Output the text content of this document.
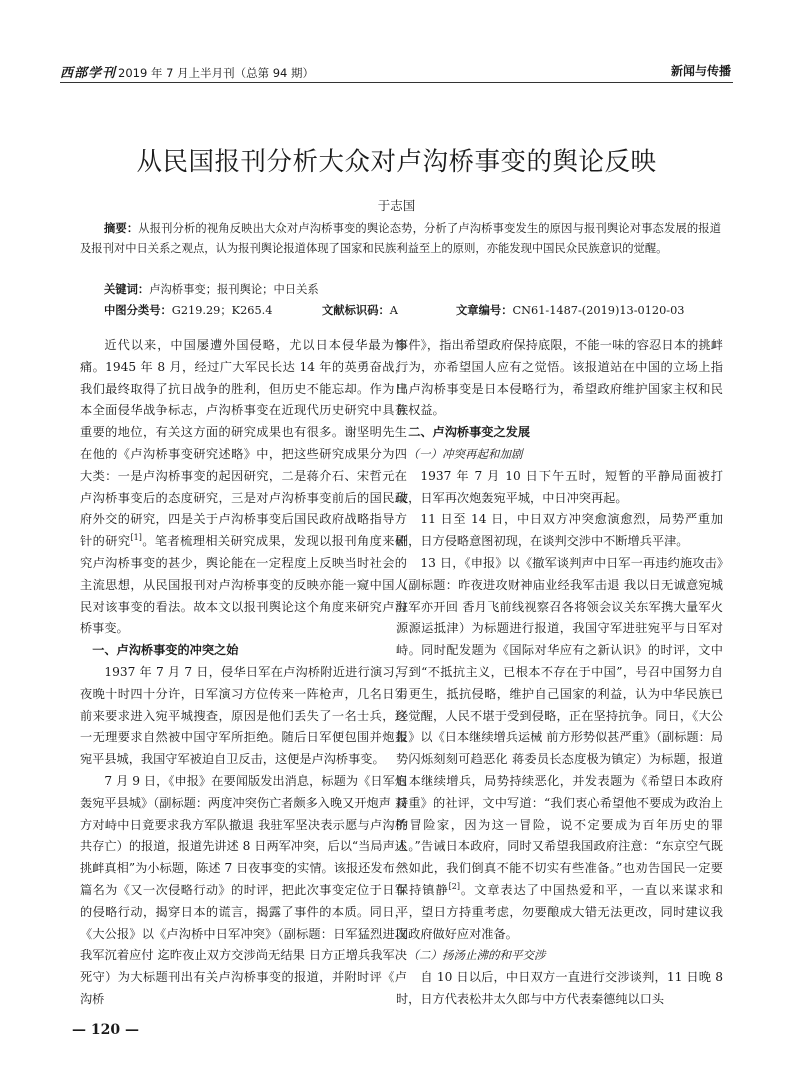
西部学刊 2019 年 7 月上半月刊（总第 94 期）	新闻与传播
从民国报刊分析大众对卢沟桥事变的舆论反映
于志国
摘要：从报刊分析的视角反映出大众对卢沟桥事变的舆论态势，分析了卢沟桥事变发生的原因与报刊舆论对事态发展的报道及报刊对中日关系之观点，认为报刊舆论报道体现了国家和民族利益至上的原则，亦能发现中国民众民族意识的觉醒。
关键词：卢沟桥事变；报刊舆论；中日关系
中图分类号：G219.29；K265.4	文献标识码：A	文章编号：CN61-1487-(2019)13-0120-03

近代以来，中国屡遭外国侵略，尤以日本侵华最为惨痛。1945 年 8 月，经过广大军民长达 14 年的英勇奋战，我们最终取得了抗日战争的胜利，但历史不能忘却。作为日本全面侵华战争标志，卢沟桥事变在近现代历史研究中具有重要的地位，有关这方面的研究成果也有很多。谢坚明先生在他的《卢沟桥事变研究述略》中，把这些研究成果分为四大类：一是卢沟桥事变的起因研究，二是蒋介石、宋哲元在卢沟桥事变后的态度研究，三是对卢沟桥事变前后的国民政府外交的研究，四是关于卢沟桥事变后国民政府战略指导方针的研究[1]。笔者梳理相关研究成果，发现以报刊角度来研究卢沟桥事变的甚少，舆论能在一定程度上反映当时社会的主流思想，从民国报刊对卢沟桥事变的反映亦能一窥中国人民对该事变的看法。故本文以报刊舆论这个角度来研究卢沟桥事变。

一、卢沟桥事变的冲突之始

1937 年 7 月 7 日，侵华日军在卢沟桥附近进行演习，夜晚十时四十分许，日军演习方位传来一阵枪声，几名日军前来要求进入宛平城搜查，原因是他们丢失了一名士兵，这一无理要求自然被中国守军所拒绝。随后日军便包围并炮轰宛平县城，我国守军被迫自卫反击，这便是卢沟桥事变。

7 月 9 日，《申报》在要闻版发出消息，标题为《日军炮轰宛平县城》（副标题：两度冲突伤亡者颇多入晚又开炮声 双方对峙中日竟要求我方军队撤退 我驻军坚决表示愿与卢沟桥共存亡）的报道，报道先讲述 8 日两军冲突，后以“当局声述挑衅真相”为小标题，陈述 7 日夜事变的实情。该报还发布一篇名为《又一次侵略行动》的时评，把此次事变定位于日军的侵略行动，揭穿日本的谎言，揭露了事件的本质。同日，《大公报》以《卢沟桥中日军冲突》（副标题：日军猛烈进攻我军沉着应付 迄昨夜止双方交涉尚无结果 日方正增兵我军决死守）为大标题刊出有关卢沟桥事变的报道，并附时评《卢沟桥

事件》，指出希望政府保持底限，不能一味的容忍日本的挑衅行为，亦希望国人应有之觉悟。该报道站在中国的立场上指出卢沟桥事变是日本侵略行为，希望政府维护国家主权和民族权益。

二、卢沟桥事变之发展
（一）冲突再起和加剧

1937 年 7 月 10 日下午五时，短暂的平静局面被打破，日军再次炮轰宛平城，中日冲突再起。

11 日至 14 日，中日双方冲突愈演愈烈，局势严重加剧，日方侵略意图初现，在谈判交涉中不断增兵平津。

13 日，《申报》以《撤军谈判声中日军一再违约施攻击》（副标题：昨夜进攻财神庙业经我军击退 我以日无诚意宛城驻军亦开回 香月飞前线视察召各将领会议关东军携大量军火源源运抵津）为标题进行报道，我国守军进驻宛平与日军对峙。同时配发题为《国际对华应有之新认识》的时评，文中写到“不抵抗主义，已根本不存在于中国”，号召中国努力自力更生，抵抗侵略，维护自己国家的利益，认为中华民族已经觉醒，人民不堪于受到侵略，正在坚持抗争。同日，《大公报》以《日本继续增兵运械 前方形势似甚严重》（副标题：局势闪烁刻刻可趋恶化 蒋委员长态度极为镇定）为标题，报道日本继续增兵，局势持续恶化，并发表题为《希望日本政府持重》的社评，文中写道：“我们衷心希望他不要成为政治上的冒险家，因为这一冒险，说不定要成为百年历史的罪人。”告诫日本政府，同时又希望我国政府注意：“东京空气既然如此，我们倒真不能不切实有些准备。”也劝告国民一定要保持镇静[2]。文章表达了中国热爱和平，一直以来谋求和平，望日方持重考虑，勿要酿成大错无法更改，同时建议我国政府做好应对准备。

（二）扬汤止沸的和平交涉

自 10 日以后，中日双方一直进行交涉谈判，11 日晚 8 时，日方代表松井太久郎与中方代表秦德纯以口头

— 120 —
